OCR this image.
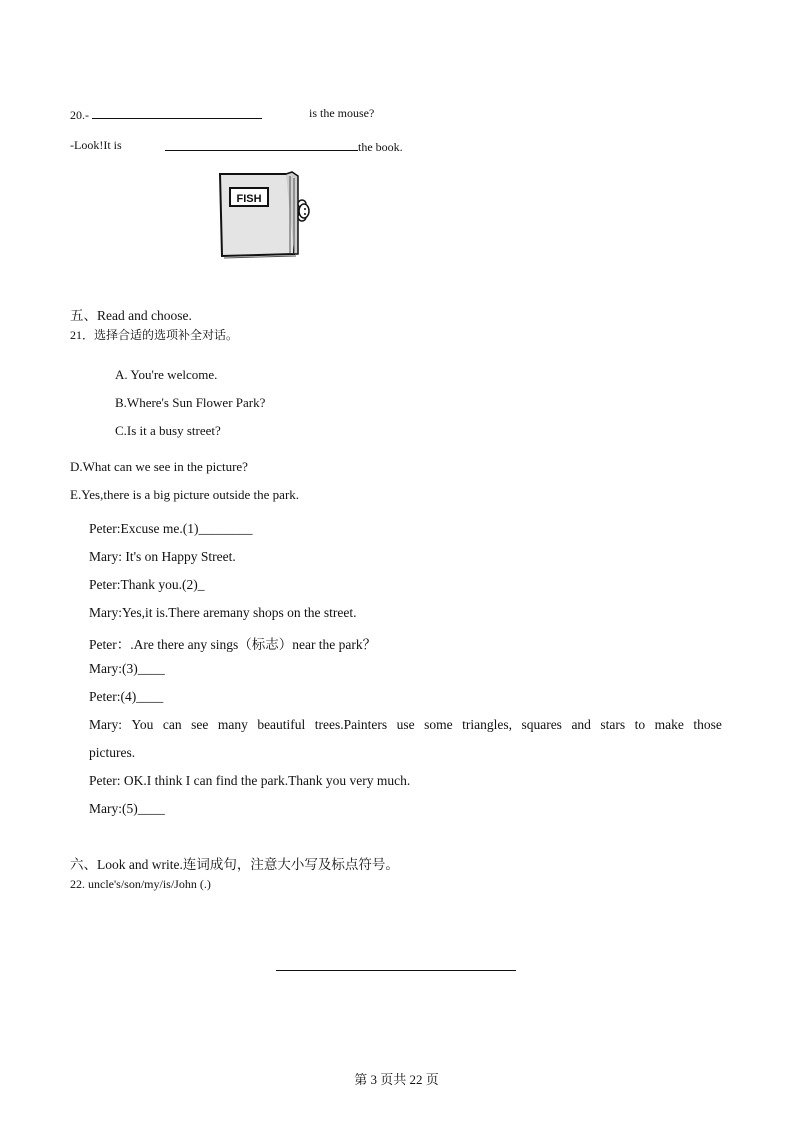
20.-	is the mouse?
-Look!It is	the book.
FISH
五、Read and choose.
21．选择合适的选项补全对话。
A. You're welcome.
B.Where's Sun Flower Park?
C.Is it a busy street?
D.What can we see in the picture?
E.Yes,there is a big picture outside the park.
Peter:Excuse me.(1)________
Mary: It's on Happy Street.
Peter:Thank you.(2)_
Mary:Yes,it is.There aremany shops on the street.
Peter：.Are there any sings（标志）near the park？
Mary:(3)____
Peter:(4)____
Mary: You can see many beautiful trees.Painters use some triangles, squares and stars to make those
pictures.
Peter: OK.I think I can find the park.Thank you very much.
Mary:(5)____
六、Look and write.连词成句，注意大小写及标点符号。
22. uncle's/son/my/is/John (.)
第 3 页共 22 页
